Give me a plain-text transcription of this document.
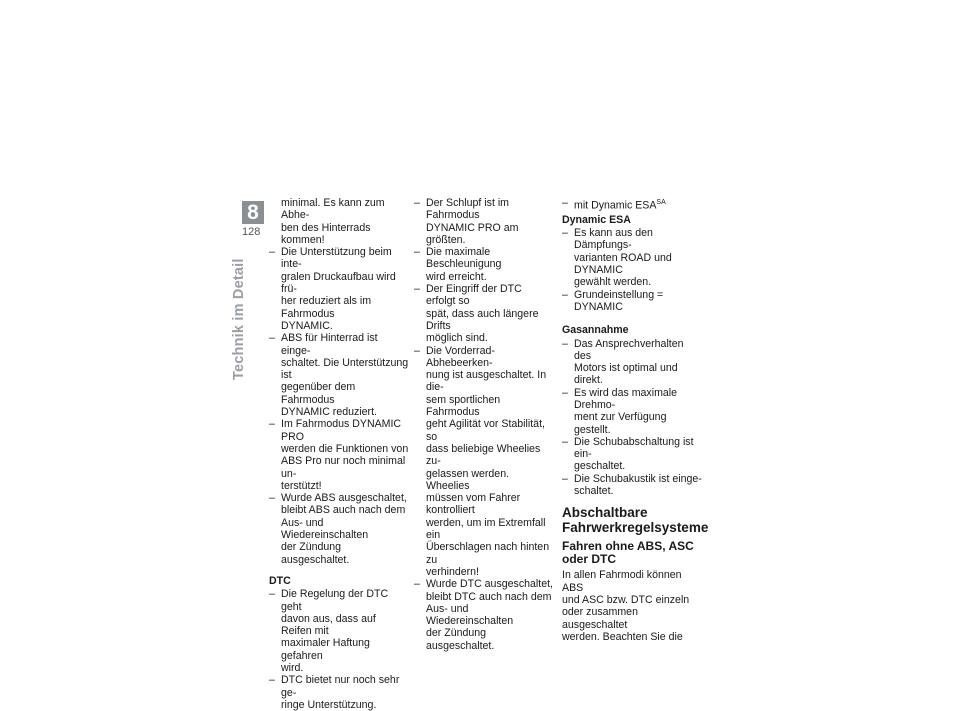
8
128
Technik im Detail

minimal. Es kann zum Abhe-
ben des Hinterrads kommen!

– Die Unterstützung beim inte-
gralen Druckaufbau wird frü-
her reduziert als im Fahrmodus
DYNAMIC.

– ABS für Hinterrad ist einge-
schaltet. Die Unterstützung ist
gegenüber dem Fahrmodus
DYNAMIC reduziert.

– Im Fahrmodus DYNAMIC PRO
werden die Funktionen von
ABS Pro nur noch minimal un-
terstützt!

– Wurde ABS ausgeschaltet,
bleibt ABS auch nach dem
Aus- und Wiedereinschalten
der Zündung ausgeschaltet.

DTC

– Die Regelung der DTC geht
davon aus, dass auf Reifen mit
maximaler Haftung gefahren
wird.

– DTC bietet nur noch sehr ge-
ringe Unterstützung.

– Der Schlupf ist im Fahrmodus
DYNAMIC PRO am größten.

– Die maximale Beschleunigung
wird erreicht.

– Der Eingriff der DTC erfolgt so
spät, dass auch längere Drifts
möglich sind.

– Die Vorderrad-Abhebeerken-
nung ist ausgeschaltet. In die-
sem sportlichen Fahrmodus
geht Agilität vor Stabilität, so
dass beliebige Wheelies zu-
gelassen werden. Wheelies
müssen vom Fahrer kontrolliert
werden, um im Extremfall ein
Überschlagen nach hinten zu
verhindern!

– Wurde DTC ausgeschaltet,
bleibt DTC auch nach dem
Aus- und Wiedereinschalten
der Zündung ausgeschaltet.

– mit Dynamic $ESA^{SA}$

Dynamic ESA

– Es kann aus den Dämpfungs-
varianten ROAD und DYNAMIC
gewählt werden.

– Grundeinstellung = DYNAMIC

Gasannahme

– Das Ansprechverhalten des
Motors ist optimal und direkt.

– Es wird das maximale Drehmo-
ment zur Verfügung gestellt.

– Die Schubabschaltung ist ein-
geschaltet.

– Die Schubakustik ist einge-
schaltet.

Abschaltbare
Fahrwerkregelsysteme
Fahren ohne ABS, ASC
oder DTC

In allen Fahrmodi können ABS
und ASC bzw. DTC einzeln
oder zusammen ausgeschaltet
werden. Beachten Sie die
